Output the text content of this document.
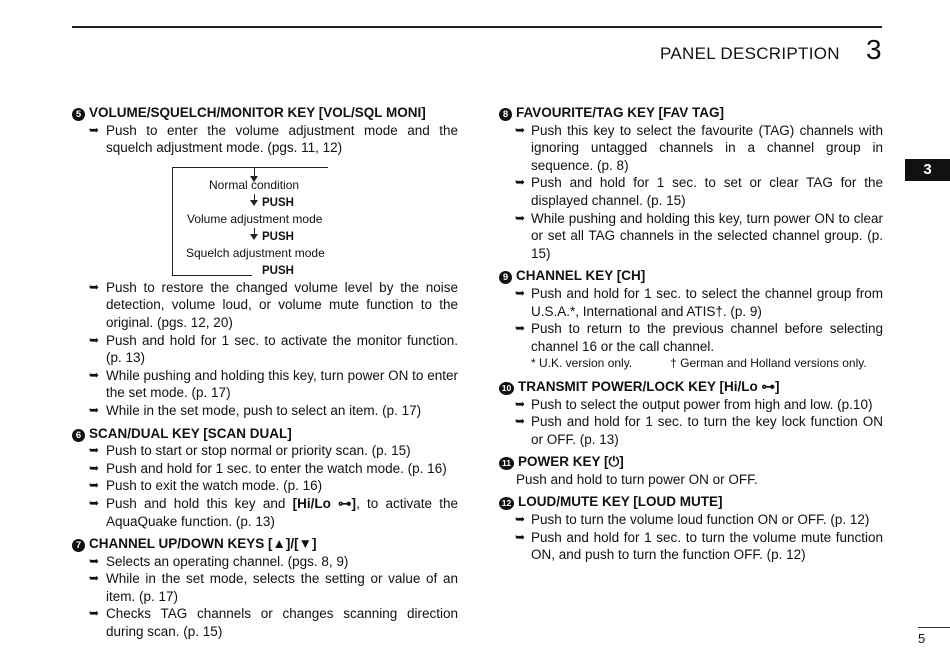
PANEL DESCRIPTION 3
3
5
5 VOLUME/SQUELCH/MONITOR KEY [VOL/SQL MONI]
➥ Push to enter the volume adjustment mode and the squelch adjustment mode. (pgs. 11, 12)
Normal condition
PUSH
Volume adjustment mode
PUSH
Squelch adjustment mode
PUSH
➥ Push to restore the changed volume level by the noise detection, volume loud, or volume mute function to the original. (pgs. 12, 20)
➥ Push and hold for 1 sec. to activate the monitor function. (p. 13)
➥ While pushing and holding this key, turn power ON to enter the set mode. (p. 17)
➥ While in the set mode, push to select an item. (p. 17)
6 SCAN/DUAL KEY [SCAN DUAL]
➥ Push to start or stop normal or priority scan. (p. 15)
➥ Push and hold for 1 sec. to enter the watch mode. (p. 16)
➥ Push to exit the watch mode. (p. 16)
➥ Push and hold this key and [Hi/Lo ⊶], to activate the AquaQuake function. (p. 13)
7 CHANNEL UP/DOWN KEYS [▲]/[▼]
➥ Selects an operating channel. (pgs. 8, 9)
➥ While in the set mode, selects the setting or value of an item. (p. 17)
➥ Checks TAG channels or changes scanning direction during scan. (p. 15)
8 FAVOURITE/TAG KEY [FAV TAG]
➥ Push this key to select the favourite (TAG) channels with ignoring untagged channels in a channel group in sequence. (p. 8)
➥ Push and hold for 1 sec. to set or clear TAG for the displayed channel. (p. 15)
➥ While pushing and holding this key, turn power ON to clear or set all TAG channels in the selected channel group. (p. 15)
9 CHANNEL KEY [CH]
➥ Push and hold for 1 sec. to select the channel group from U.S.A.*, International and ATIS†. (p. 9)
➥ Push to return to the previous channel before selecting channel 16 or the call channel.
* U.K. version only.	† German and Holland versions only.
10 TRANSMIT POWER/LOCK KEY [Hi/Lo ⊶]
➥ Push to select the output power from high and low. (p.10)
➥ Push and hold for 1 sec. to turn the key lock function ON or OFF. (p. 13)
11 POWER KEY [⏻]
Push and hold to turn power ON or OFF.
12 LOUD/MUTE KEY [LOUD MUTE]
➥ Push to turn the volume loud function ON or OFF. (p. 12)
➥ Push and hold for 1 sec. to turn the volume mute function ON, and push to turn the function OFF. (p. 12)
